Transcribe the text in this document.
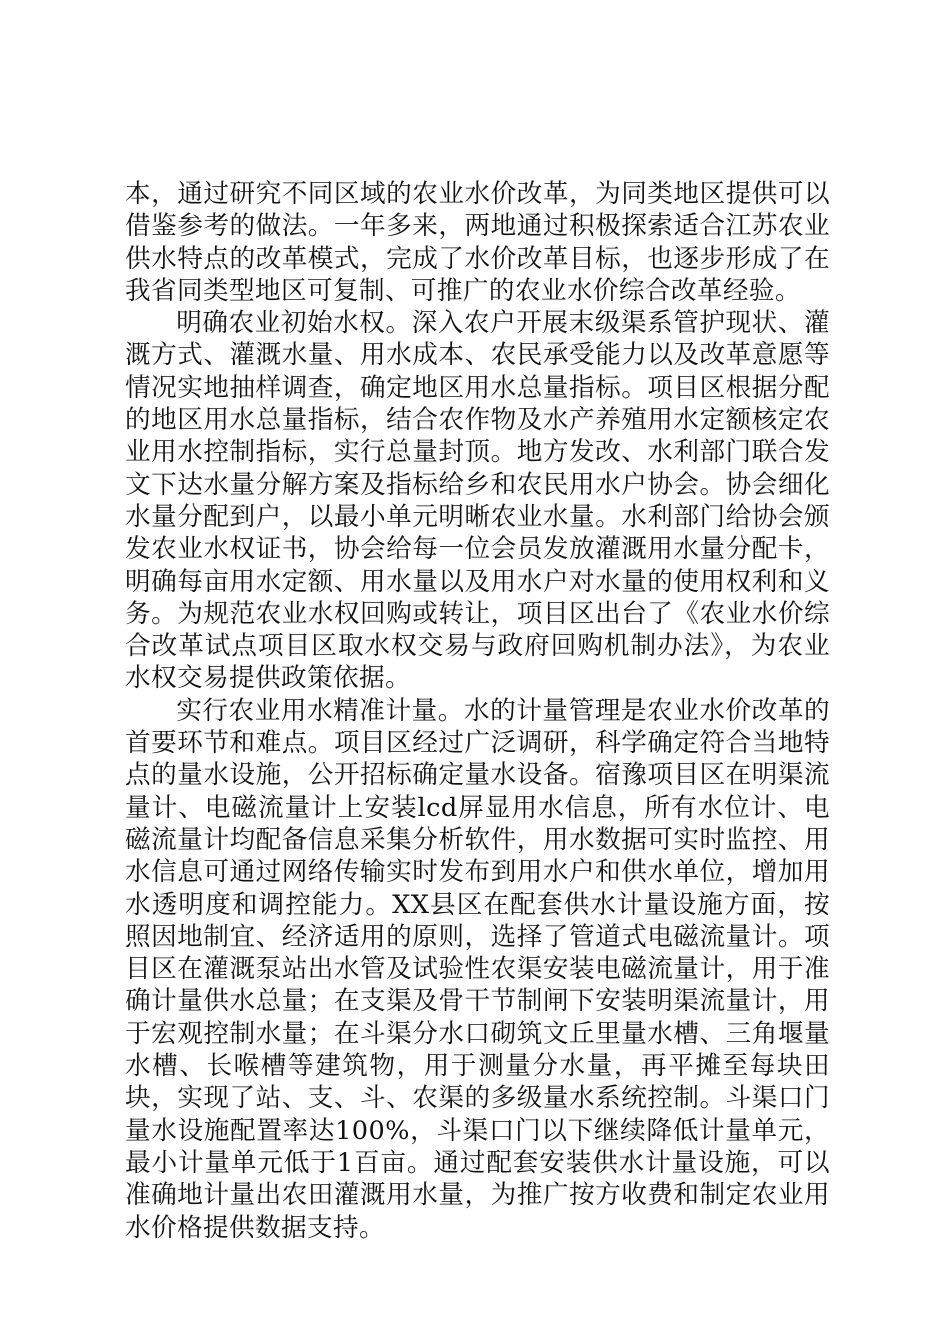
本，通过研究不同区域的农业水价改革，为同类地区提供可以借鉴参考的做法。一年多来，两地通过积极探索适合江苏农业供水特点的改革模式，完成了水价改革目标，也逐步形成了在我省同类型地区可复制、可推广的农业水价综合改革经验。

明确农业初始水权。深入农户开展末级渠系管护现状、灌溉方式、灌溉水量、用水成本、农民承受能力以及改革意愿等情况实地抽样调查，确定地区用水总量指标。项目区根据分配的地区用水总量指标，结合农作物及水产养殖用水定额核定农业用水控制指标，实行总量封顶。地方发改、水利部门联合发文下达水量分解方案及指标给乡和农民用水户协会。协会细化水量分配到户，以最小单元明晰农业水量。水利部门给协会颁发农业水权证书，协会给每一位会员发放灌溉用水量分配卡，明确每亩用水定额、用水量以及用水户对水量的使用权利和义务。为规范农业水权回购或转让，项目区出台了《农业水价综合改革试点项目区取水权交易与政府回购机制办法》，为农业水权交易提供政策依据。

实行农业用水精准计量。水的计量管理是农业水价改革的首要环节和难点。项目区经过广泛调研，科学确定符合当地特点的量水设施，公开招标确定量水设备。宿豫项目区在明渠流量计、电磁流量计上安装lcd屏显用水信息，所有水位计、电磁流量计均配备信息采集分析软件，用水数据可实时监控、用水信息可通过网络传输实时发布到用水户和供水单位，增加用水透明度和调控能力。XX县区在配套供水计量设施方面，按照因地制宜、经济适用的原则，选择了管道式电磁流量计。项目区在灌溉泵站出水管及试验性农渠安装电磁流量计，用于准确计量供水总量；在支渠及骨干节制闸下安装明渠流量计，用于宏观控制水量；在斗渠分水口砌筑文丘里量水槽、三角堰量水槽、长喉槽等建筑物，用于测量分水量，再平摊至每块田块，实现了站、支、斗、农渠的多级量水系统控制。斗渠口门量水设施配置率达100%，斗渠口门以下继续降低计量单元，最小计量单元低于1百亩。通过配套安装供水计量设施，可以准确地计量出农田灌溉用水量，为推广按方收费和制定农业用水价格提供数据支持。
